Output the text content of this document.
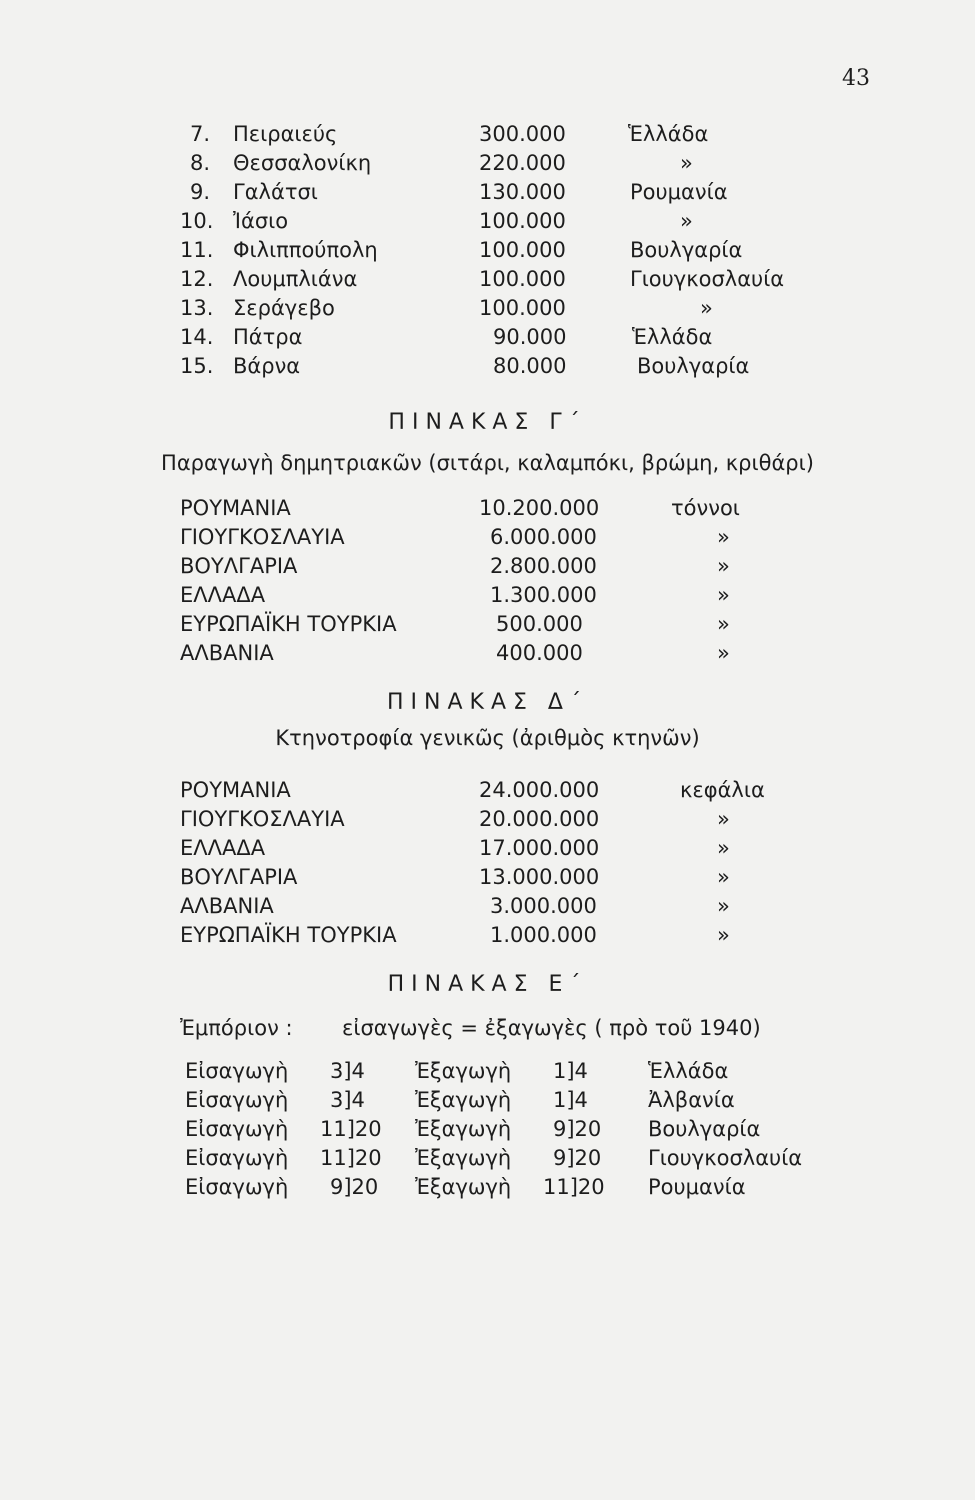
43
7. Πειραιεύς	300.000	Ἑλλάδα
8. Θεσσαλονίκη	220.000	»
9. Γαλάτσι	130.000	Ρουμανία
10. Ἰάσιο	100.000	»
11. Φιλιππούπολη	100.000	Βουλγαρία
12. Λουμπλιάνα	100.000	Γιουγκοσλαυία
13. Σεράγεβο	100.000	»
14. Πάτρα	90.000	Ἑλλάδα
15. Βάρνα	80.000	Βουλγαρία
ΠΙΝΑΚΑΣ Γ΄
Παραγωγὴ δημητριακῶν (σιτάρι, καλαμπόκι, βρώμη, κριθάρι)
ΡΟΥΜΑΝΙΑ	10.200.000	τόννοι
ΓΙΟΥΓΚΟΣΛΑΥΙΑ	6.000.000	»
ΒΟΥΛΓΑΡΙΑ	2.800.000	»
ΕΛΛΑΔΑ	1.300.000	»
ΕΥΡΩΠΑΪΚΗ ΤΟΥΡΚΙΑ	500.000	»
ΑΛΒΑΝΙΑ	400.000	»
ΠΙΝΑΚΑΣ Δ΄
Κτηνοτροφία γενικῶς (ἀριθμὸς κτηνῶν)
ΡΟΥΜΑΝΙΑ	24.000.000	κεφάλια
ΓΙΟΥΓΚΟΣΛΑΥΙΑ	20.000.000	»
ΕΛΛΑΔΑ	17.000.000	»
ΒΟΥΛΓΑΡΙΑ	13.000.000	»
ΑΛΒΑΝΙΑ	3.000.000	»
ΕΥΡΩΠΑΪΚΗ ΤΟΥΡΚΙΑ	1.000.000	»
ΠΙΝΑΚΑΣ Ε΄
Ἐμπόριον : εἰσαγωγὲς = ἐξαγωγὲς ( πρὸ τοῦ 1940)
Εἰσαγωγὴ 3]4 Ἐξαγωγὴ 1]4	Ἑλλάδα
Εἰσαγωγὴ 3]4 Ἐξαγωγὴ 1]4	Ἀλβανία
Εἰσαγωγὴ 11]20 Ἐξαγωγὴ 9]20 Βουλγαρία
Εἰσαγωγὴ 11]20 Ἐξαγωγὴ 9]20 Γιουγκοσλαυία
Εἰσαγωγὴ 9]20 Ἐξαγωγὴ 11]20 Ρουμανία
